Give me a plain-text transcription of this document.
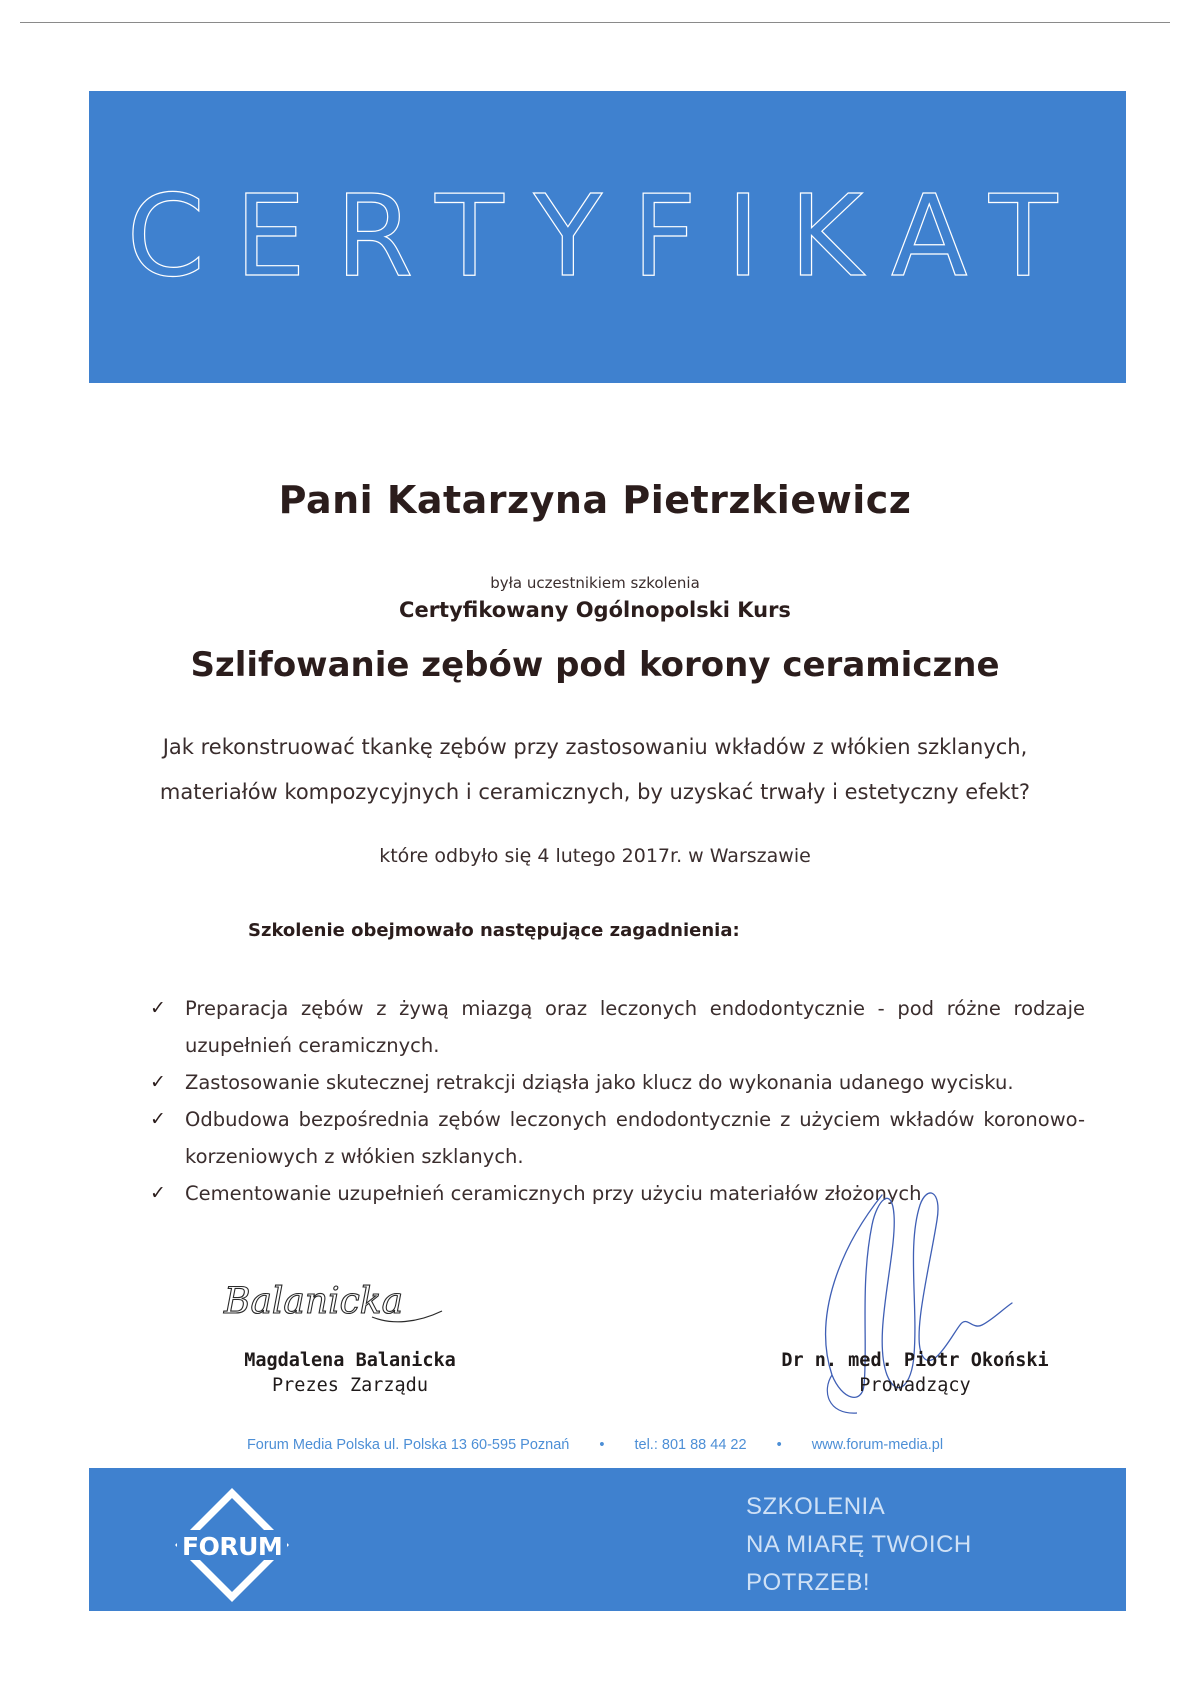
CERTYFIKAT
Pani Katarzyna Pietrzkiewicz
była uczestnikiem szkolenia
Certyfikowany Ogólnopolski Kurs
Szlifowanie zębów pod korony ceramiczne
Jak rekonstruować tkankę zębów przy zastosowaniu wkładów z włókien szklanych,
materiałów kompozycyjnych i ceramicznych, by uzyskać trwały i estetyczny efekt?
które odbyło się 4 lutego 2017r. w Warszawie
Szkolenie obejmowało następujące zagadnienia:
✓ Preparacja zębów z żywą miazgą oraz leczonych endodontycznie - pod różne rodzaje uzupełnień ceramicznych.
✓ Zastosowanie skutecznej retrakcji dziąsła jako klucz do wykonania udanego wycisku.
✓ Odbudowa bezpośrednia zębów leczonych endodontycznie z użyciem wkładów koronowo-korzeniowych z włókien szklanych.
✓ Cementowanie uzupełnień ceramicznych przy użyciu materiałów złożonych
Balanicka
Magdalena Balanicka
Prezes Zarządu
Dr n. med. Piotr Okoński
Prowadzący
Forum Media Polska ul. Polska 13 60-595 Poznań • tel.: 801 88 44 22 • www.forum-media.pl
FORUM
SZKOLENIA
NA MIARĘ TWOICH
POTRZEB!
